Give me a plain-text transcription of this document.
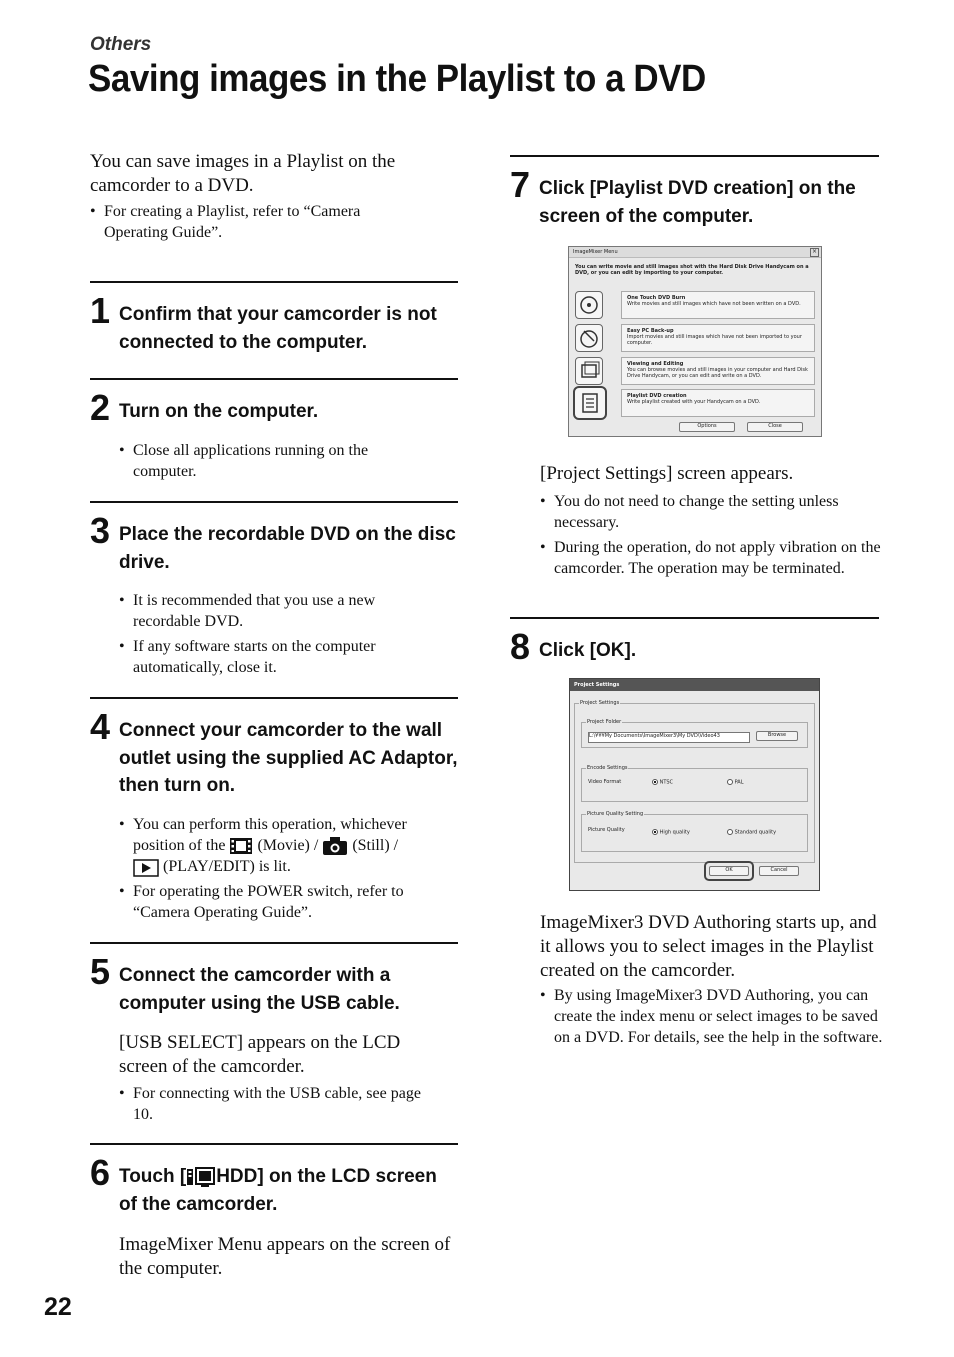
Others
Saving images in the Playlist to a DVD

You can save images in a Playlist on the camcorder to a DVD.

• For creating a Playlist, refer to “Camera Operating Guide”.

1 Confirm that your camcorder is not connected to the computer.

2 Turn on the computer.

• Close all applications running on the computer.

3 Place the recordable DVD on the disc drive.

• It is recommended that you use a new recordable DVD.

• If any software starts on the computer automatically, close it.

4 Connect your camcorder to the wall outlet using the supplied AC Adaptor, then turn on.

• You can perform this operation, whichever position of the (Movie) / (Still) /
(PLAY/EDIT) is lit.

• For operating the POWER switch, refer to “Camera Operating Guide”.

5 Connect the camcorder with a computer using the USB cable.

[USB SELECT] appears on the LCD screen of the camcorder.

• For connecting with the USB cable, see page 10.

6 Touch [ HDD] on the LCD screen of the camcorder.

ImageMixer Menu appears on the screen of the computer.

7 Click [Playlist DVD creation] on the screen of the computer.

ImageMixer Menu	×
You can write movie and still images shot with the Hard Disk Drive Handycam on a DVD, or you can edit by importing to your computer.
One Touch DVD Burn
Write movies and still images which have not been written on a DVD.
Easy PC Back-up
Import movies and still images which have not been imported to your computer.
Viewing and Editing
You can browse movies and still images in your computer and Hard Disk Drive Handycam, or you can edit and write on a DVD.
Playlist DVD creation
Write playlist created with your Handycam on a DVD.
Options	Close

[Project Settings] screen appears.

• You do not need to change the setting unless necessary.

• During the operation, do not apply vibration on the camcorder. The operation may be terminated.

8 Click [OK].

Project Settings
Project Settings
Project Folder
L:\¥¥¥My Documents\ImageMixer3\My DVD\Video43	Browse
Encode Settings
Video Format	NTSC	PAL
Picture Quality Setting
Picture Quality	High quality	Standard quality
OK	Cancel

ImageMixer3 DVD Authoring starts up, and it allows you to select images in the Playlist created on the camcorder.

• By using ImageMixer3 DVD Authoring, you can create the index menu or select images to be saved on a DVD. For details, see the help in the software.

22
